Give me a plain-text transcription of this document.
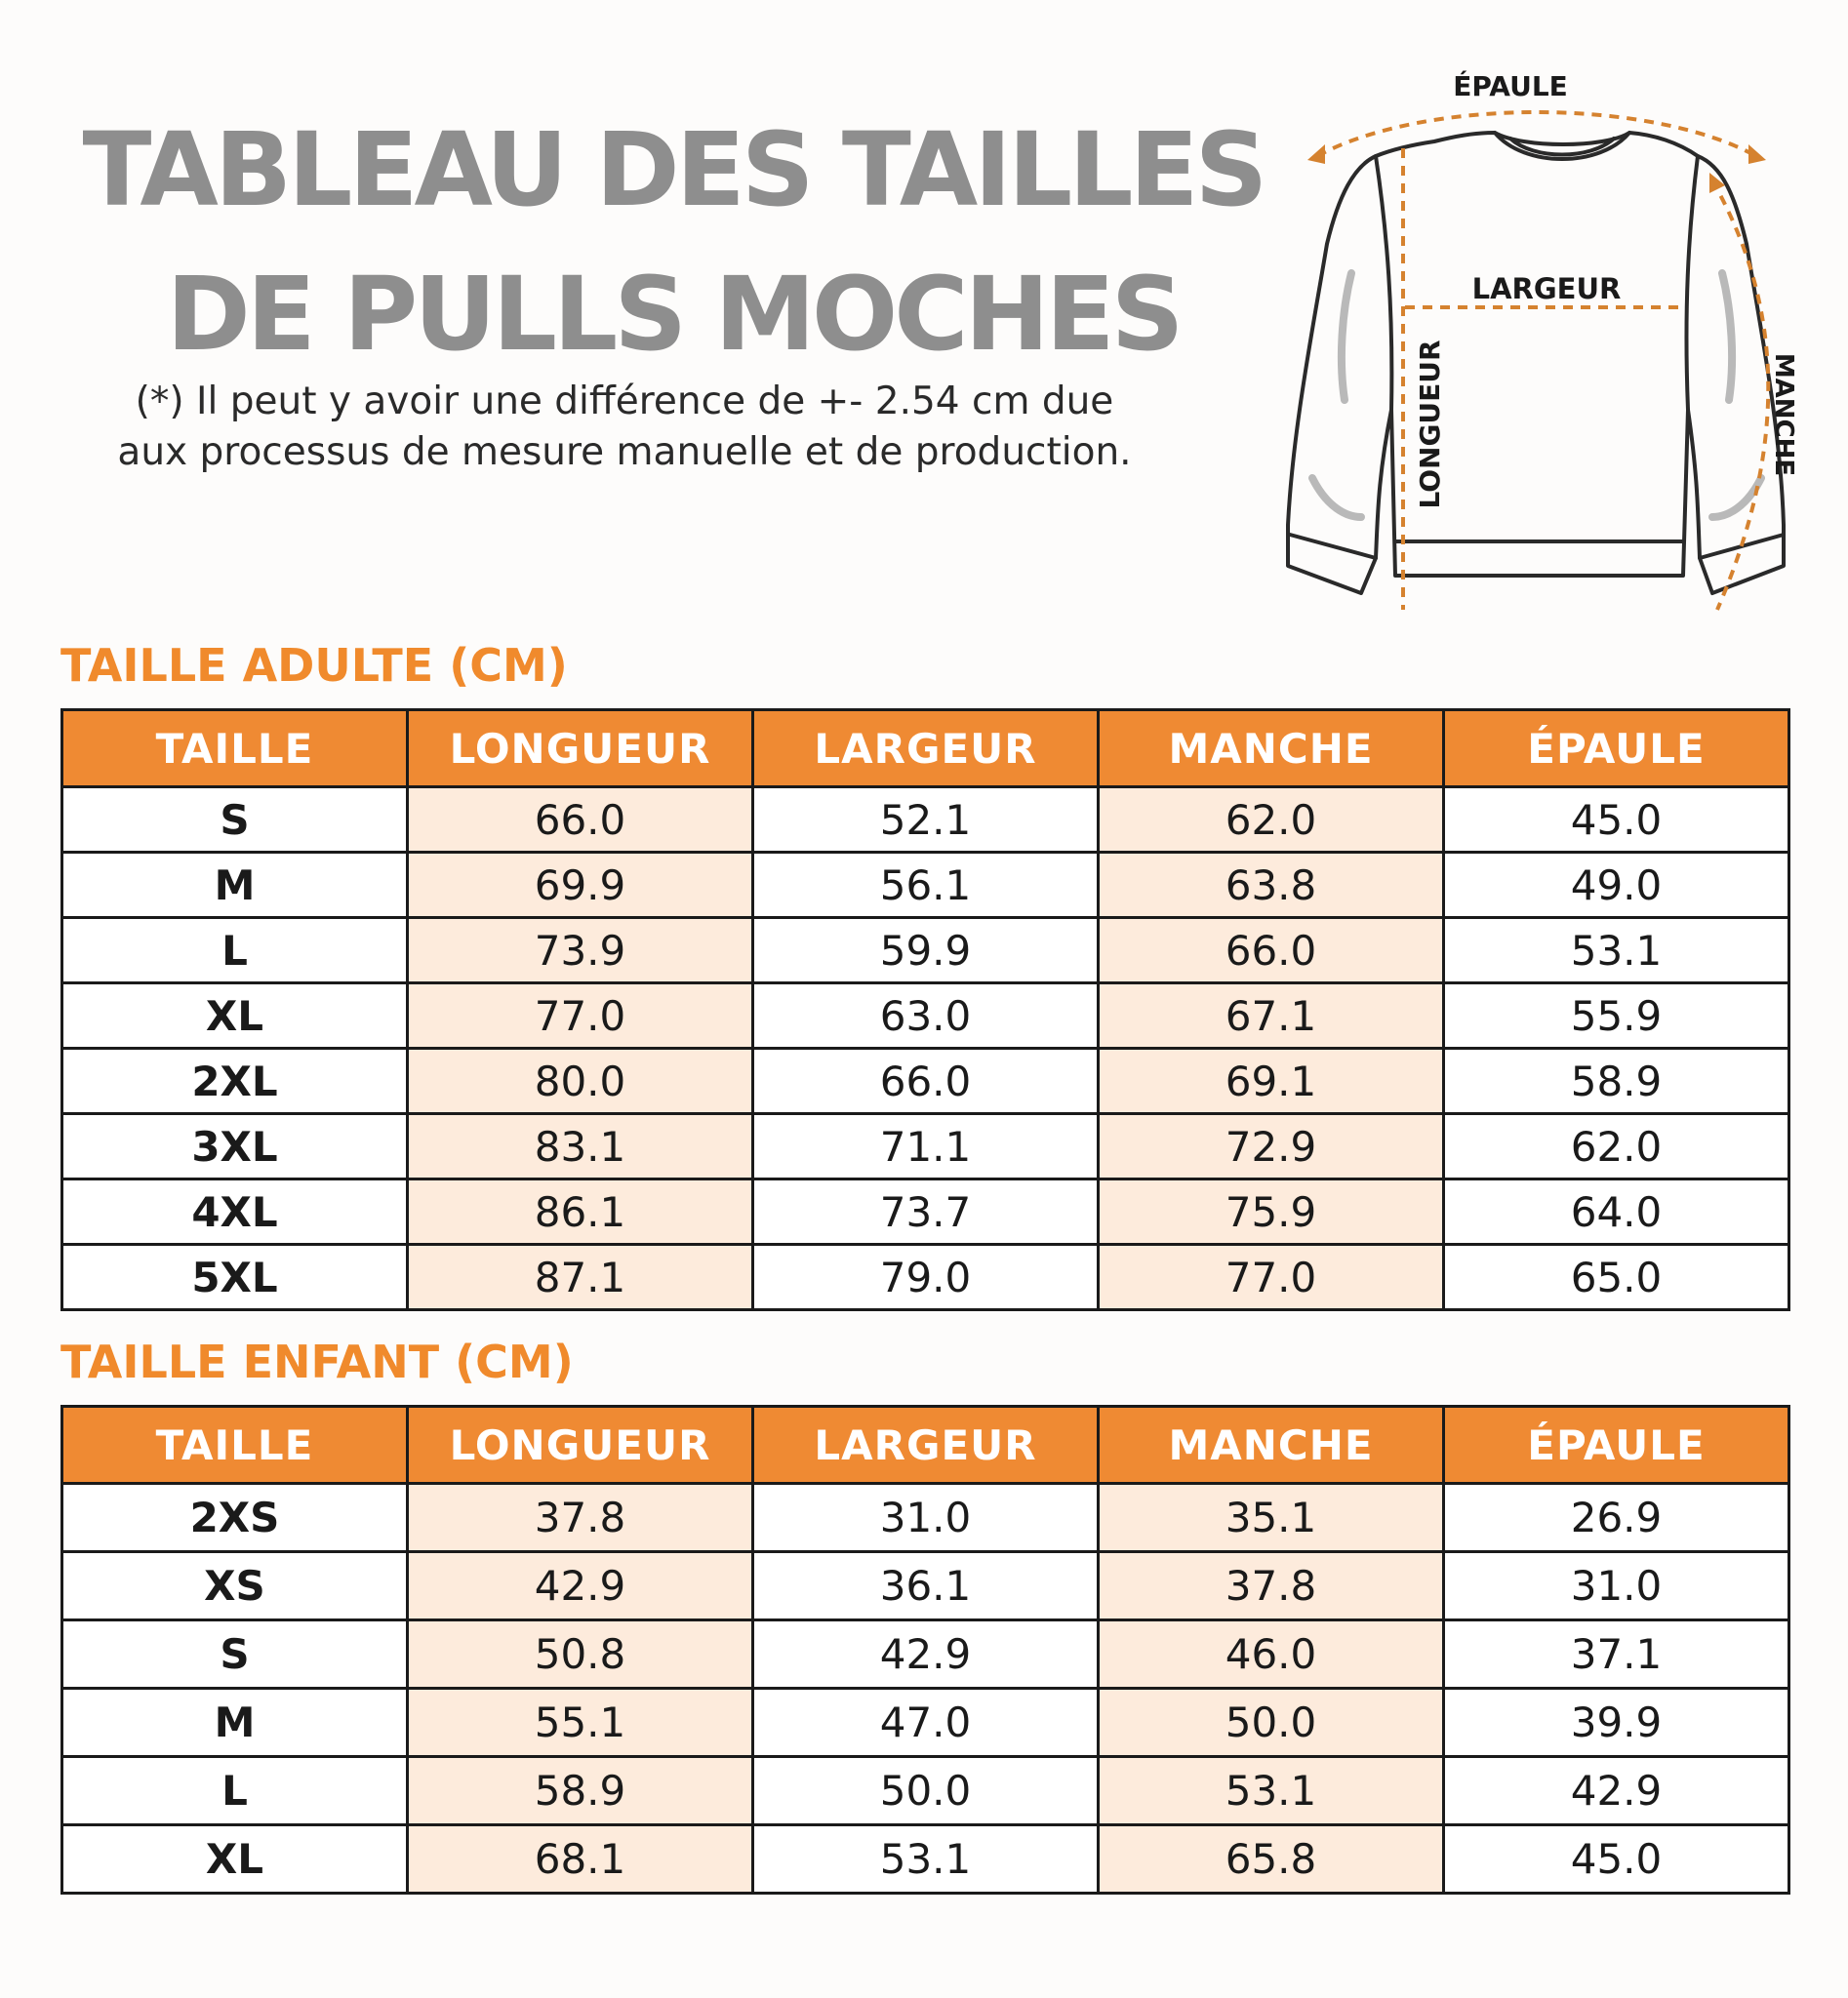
TABLEAU DES TAILLES
DE PULLS MOCHES
(*) Il peut y avoir une différence de +- 2.54 cm due
aux processus de mesure manuelle et de production.
ÉPAULE
LARGEUR
LONGUEUR	MANCHE
TAILLE ADULTE (CM)
TAILLE	LONGUEUR	LARGEUR	MANCHE	ÉPAULE
S	66.0	52.1	62.0	45.0
M	69.9	56.1	63.8	49.0
L	73.9	59.9	66.0	53.1
XL	77.0	63.0	67.1	55.9
2XL	80.0	66.0	69.1	58.9
3XL	83.1	71.1	72.9	62.0
4XL	86.1	73.7	75.9	64.0
5XL	87.1	79.0	77.0	65.0
TAILLE ENFANT (CM)
TAILLE	LONGUEUR	LARGEUR	MANCHE	ÉPAULE
2XS	37.8	31.0	35.1	26.9
XS	42.9	36.1	37.8	31.0
S	50.8	42.9	46.0	37.1
M	55.1	47.0	50.0	39.9
L	58.9	50.0	53.1	42.9
XL	68.1	53.1	65.8	45.0
